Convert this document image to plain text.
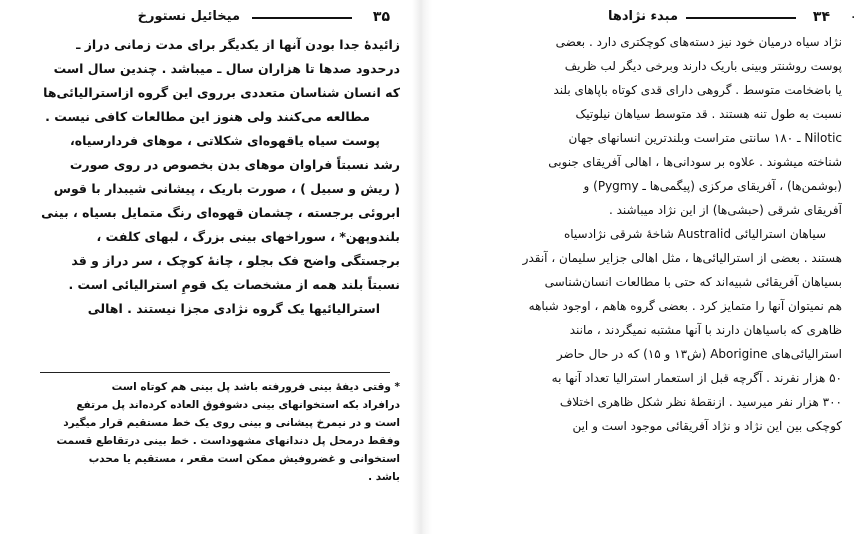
۳۵
میخائیل نستورخ
زائیدهٔ جدا بودن آنها از یکدیگر برای مدت زمانی دراز ـ
درحدود صدها تا هزاران سال ـ میباشد . چندین سال است
که انسان شناسان متعددی برروی این گروه ازاسترالیائی‌ها
مطالعه می‌کنند ولی هنوز این مطالعات کافی نیست .
پوست سیاه یاقهوه‌ای شکلاتی ، موهای فردارسیاه،
رشد نسبتاً فراوان موهای بدن بخصوص در روی صورت
( ریش و سبیل ) ، صورت باریک ، پیشانی شیبدار با قوس
ابروئی برجسته ، چشمان قهوه‌ای رنگ متمایل بسیاه ، بینی
بلندوپهن* ، سوراخهای بینی بزرگ ، لبهای کلفت ،
برجستگی واضح فک بجلو ، چانهٔ کوچک ، سر دراز و قد
نسبتاً بلند همه از مشخصات یک قومِ استرالیائی است .
استرالیائیها یک گروه نژادی مجزا نیستند . اهالی
* وقتی دیفهٔ بینی فرورفته باشد پل بینی هم کوتاه است
درافراد بکه استخوانهای بینی دشوفوق العاده کرده‌اند پل مرتفع
است و در نیمرخ پیشانی و بینی روی یک خط مستقیم قرار میگیرد
وفقط درمحل پل دندانهای مشهوداست . خط بینی درتقاطع قسمت
استخوانی و غضروفیش ممکن است مقعر ، مستقیم یا محدب
باشد .
۳۴
مبدء نژادها	.
نژاد سیاه درمیان خود نیز دسته‌های کوچکتری دارد . بعضی
پوست روشنتر وبینی باریک دارند وبرخی دیگر لب ظریف
یا باضخامت متوسط . گروهی دارای قدی کوتاه باپاهای بلند
نسبت به طول تنه هستند . قد متوسط سیاهان نیلوتیک
Nilotic ـ ۱۸۰ سانتی متراست وبلندترین انسانهای جهان
شناخته میشوند . علاوه بر سودانی‌ها ، اهالی آفریقای جنوبی
(بوشمن‌ها) ، آفریقای مرکزی (پیگمی‌ها ـ Pygmy) و
آفریقای شرقی (حبشی‌ها) از این نژاد میباشند .
سیاهان استرالیائی Australid شاخهٔ شرقی نژادسیاه
هستند . بعضی از استرالیائی‌ها ، مثل اهالی جزایر سلیمان ، آنقدر
بسیاهان آفریقائی شبیه‌اند که حتی با مطالعات انسان‌شناسی
هم نمیتوان آنها را متمایز کرد . بعضی گروه هاهم ، اوجود شباهه
ظاهری که باسیاهان دارند با آنها مشتبه نمیگردند ، مانند
استرالیائی‌های Aborigine (ش۱۳ و ۱۵) که در حال حاضر
۵۰ هزار نفرند . آگرچه قبل از استعمار استرالیا تعداد آنها به
۳۰۰ هزار نفر میرسید . ازنقطهٔ نظر شکل ظاهری اختلاف
کوچکی بین این نژاد و نژاد آفریقائی موجود است و این
